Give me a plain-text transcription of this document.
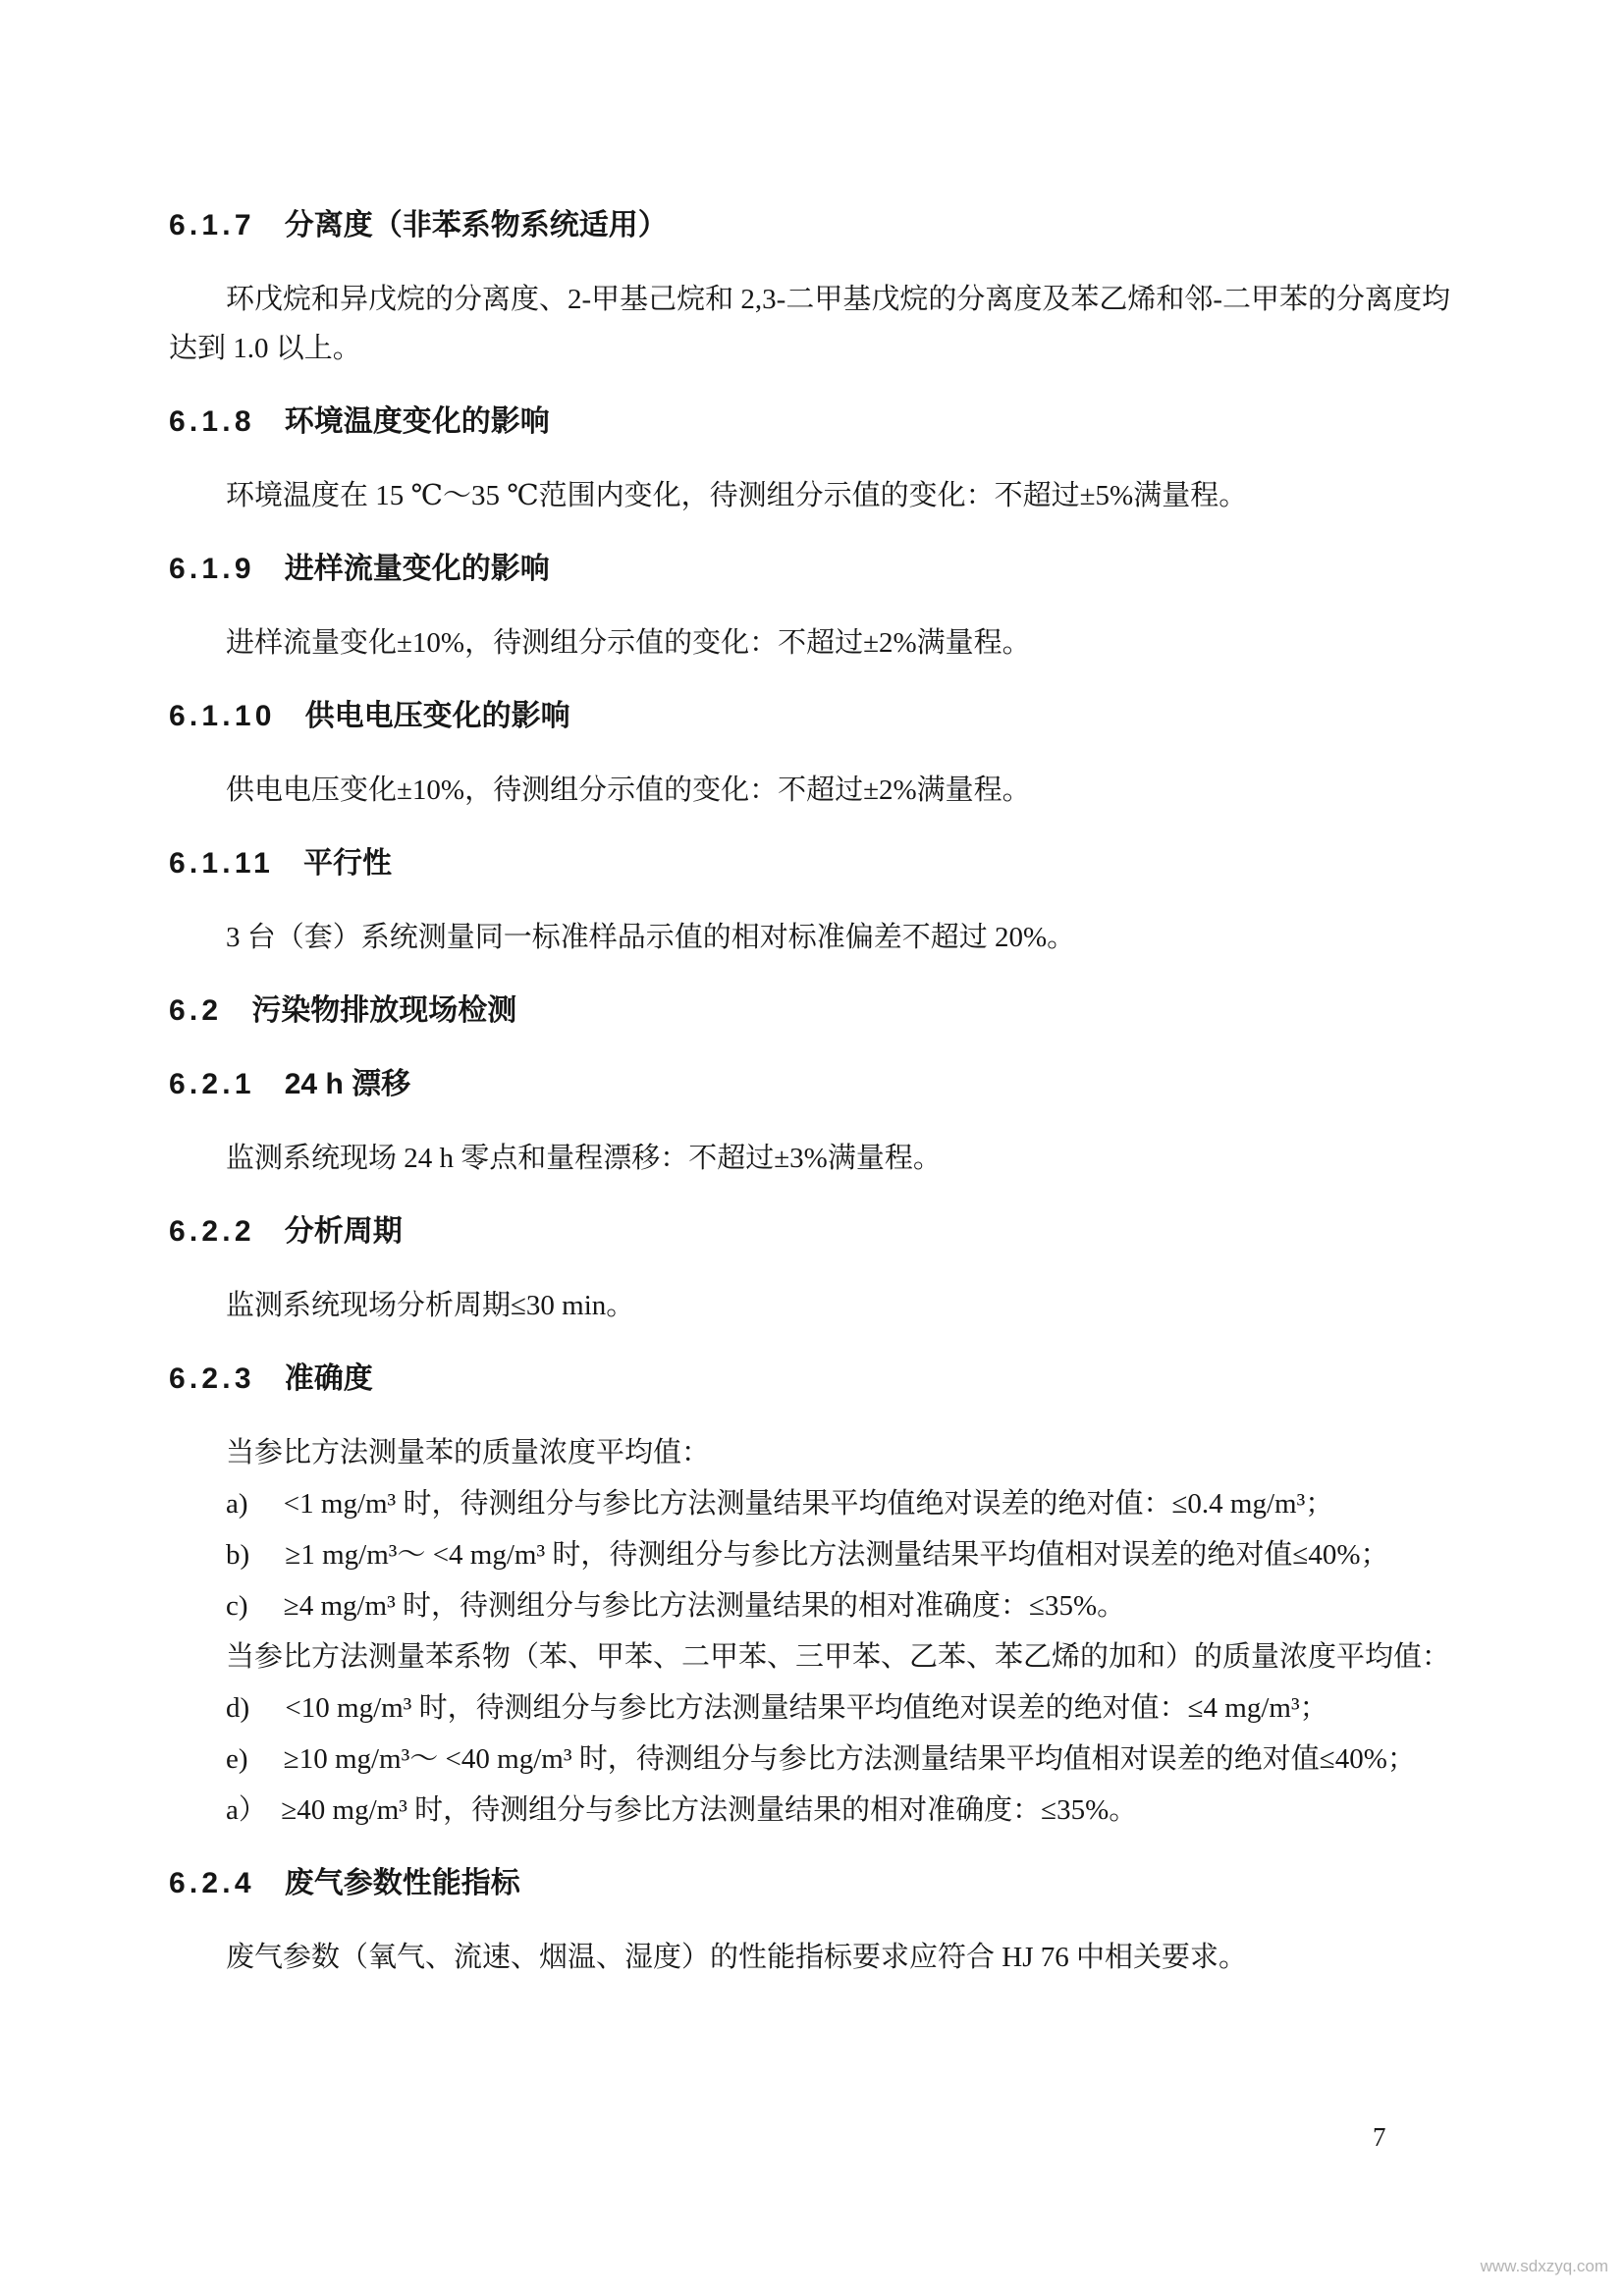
6.1.7 分离度（非苯系物系统适用）

环戊烷和异戊烷的分离度、2-甲基己烷和 2,3-二甲基戊烷的分离度及苯乙烯和邻-二甲苯的分离度均达到 1.0 以上。

6.1.8 环境温度变化的影响

环境温度在 15 ℃～35 ℃范围内变化，待测组分示值的变化：不超过±5%满量程。

6.1.9 进样流量变化的影响

进样流量变化±10%，待测组分示值的变化：不超过±2%满量程。

6.1.10 供电电压变化的影响

供电电压变化±10%，待测组分示值的变化：不超过±2%满量程。

6.1.11 平行性

3 台（套）系统测量同一标准样品示值的相对标准偏差不超过 20%。

6.2 污染物排放现场检测
6.2.1 24 h 漂移

监测系统现场 24 h 零点和量程漂移：不超过±3%满量程。

6.2.2 分析周期

监测系统现场分析周期≤30 min。

6.2.3 准确度

当参比方法测量苯的质量浓度平均值：

a)　 <1 mg/m³ 时，待测组分与参比方法测量结果平均值绝对误差的绝对值：≤0.4 mg/m³；

b)　 ≥1 mg/m³～ <4 mg/m³ 时，待测组分与参比方法测量结果平均值相对误差的绝对值≤40%；

c)　 ≥4 mg/m³ 时，待测组分与参比方法测量结果的相对准确度：≤35%。

当参比方法测量苯系物（苯、甲苯、二甲苯、三甲苯、乙苯、苯乙烯的加和）的质量浓度平均值：

d)　 <10 mg/m³ 时，待测组分与参比方法测量结果平均值绝对误差的绝对值：≤4 mg/m³；

e)　 ≥10 mg/m³～ <40 mg/m³ 时，待测组分与参比方法测量结果平均值相对误差的绝对值≤40%；

a）　≥40 mg/m³ 时，待测组分与参比方法测量结果的相对准确度：≤35%。

6.2.4 废气参数性能指标

废气参数（氧气、流速、烟温、湿度）的性能指标要求应符合 HJ 76 中相关要求。

7
www.sdxzyq.com
